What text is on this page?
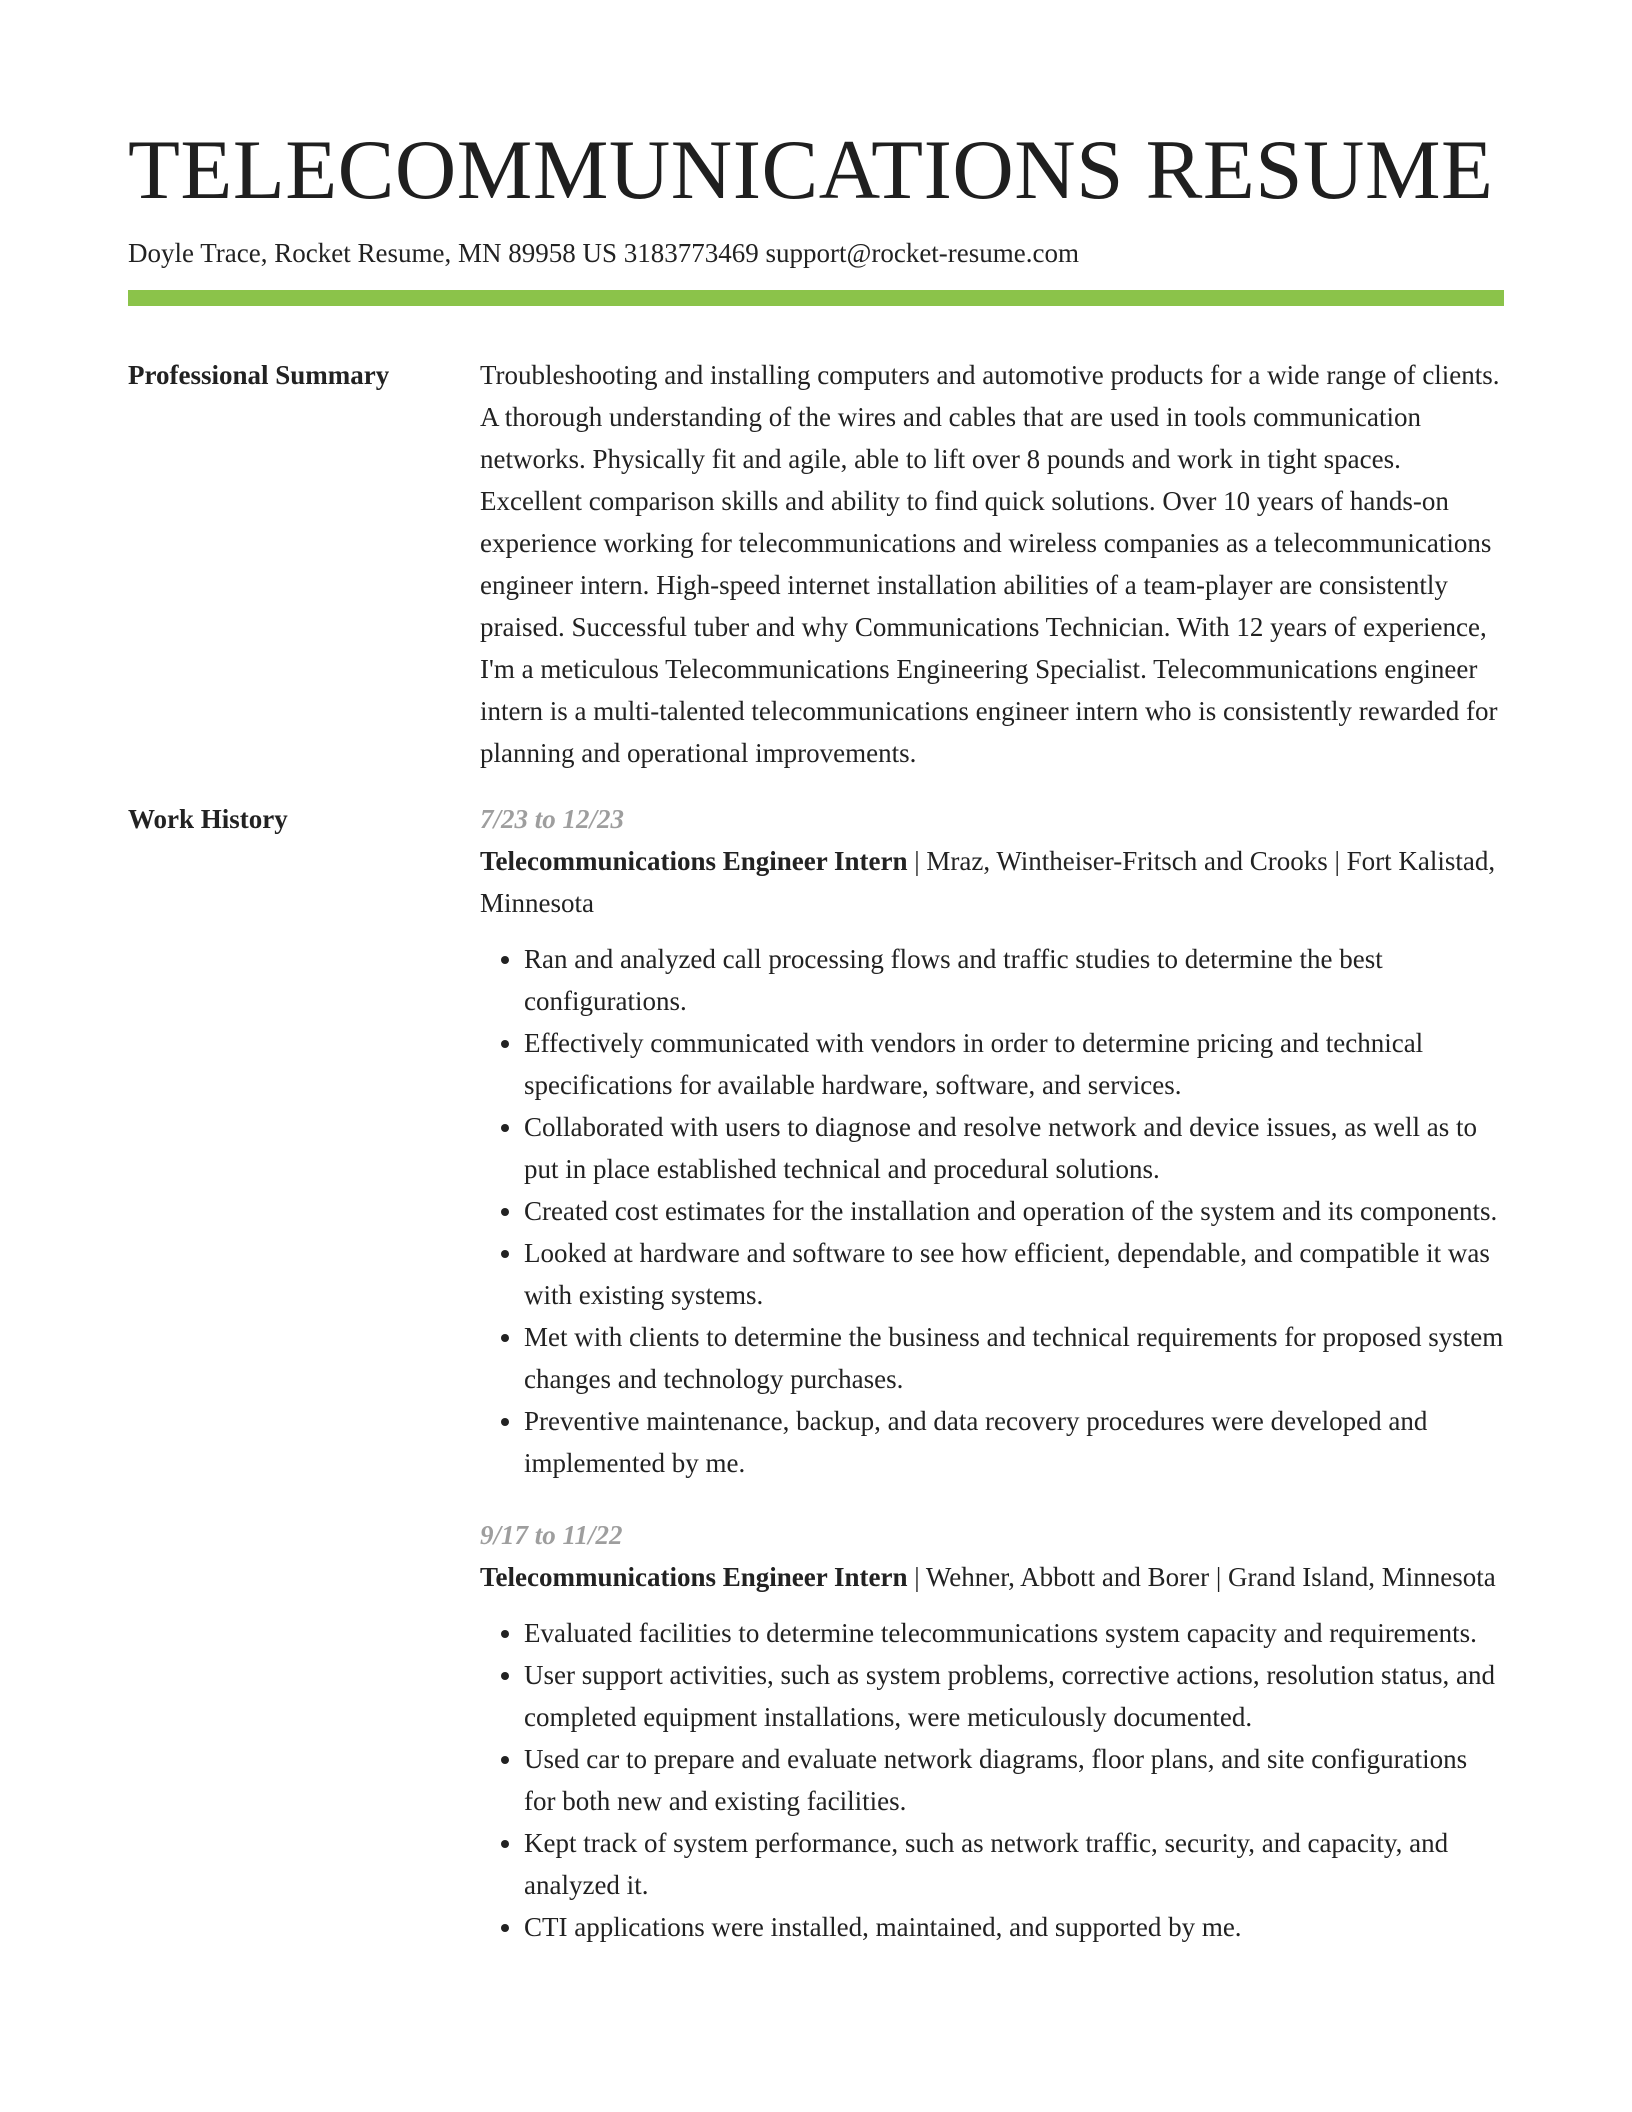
TELECOMMUNICATIONS RESUME
Doyle Trace, Rocket Resume, MN 89958 US 3183773469 support@rocket-resume.com
Professional Summary	Troubleshooting and installing computers and automotive products for a wide range of clients. A thorough understanding of the wires and cables that are used in tools communication networks. Physically fit and agile, able to lift over 8 pounds and work in tight spaces. Excellent comparison skills and ability to find quick solutions. Over 10 years of hands-on experience working for telecommunications and wireless companies as a telecommunications engineer intern. High-speed internet installation abilities of a team-player are consistently praised. Successful tuber and why Communications Technician. With 12 years of experience, I'm a meticulous Telecommunications Engineering Specialist. Telecommunications engineer intern is a multi-talented telecommunications engineer intern who is consistently rewarded for planning and operational improvements.

Work History	7/23 to 12/23
Telecommunications Engineer Intern | Mraz, Wintheiser-Fritsch and Crooks | Fort Kalistad, Minnesota
• Ran and analyzed call processing flows and traffic studies to determine the best configurations.
• Effectively communicated with vendors in order to determine pricing and technical specifications for available hardware, software, and services.
• Collaborated with users to diagnose and resolve network and device issues, as well as to put in place established technical and procedural solutions.
• Created cost estimates for the installation and operation of the system and its components.
• Looked at hardware and software to see how efficient, dependable, and compatible it was with existing systems.
• Met with clients to determine the business and technical requirements for proposed system changes and technology purchases.
• Preventive maintenance, backup, and data recovery procedures were developed and implemented by me.
9/17 to 11/22
Telecommunications Engineer Intern | Wehner, Abbott and Borer | Grand Island, Minnesota
• Evaluated facilities to determine telecommunications system capacity and requirements.
• User support activities, such as system problems, corrective actions, resolution status, and completed equipment installations, were meticulously documented.
• Used car to prepare and evaluate network diagrams, floor plans, and site configurations for both new and existing facilities.
• Kept track of system performance, such as network traffic, security, and capacity, and analyzed it.
• CTI applications were installed, maintained, and supported by me.
